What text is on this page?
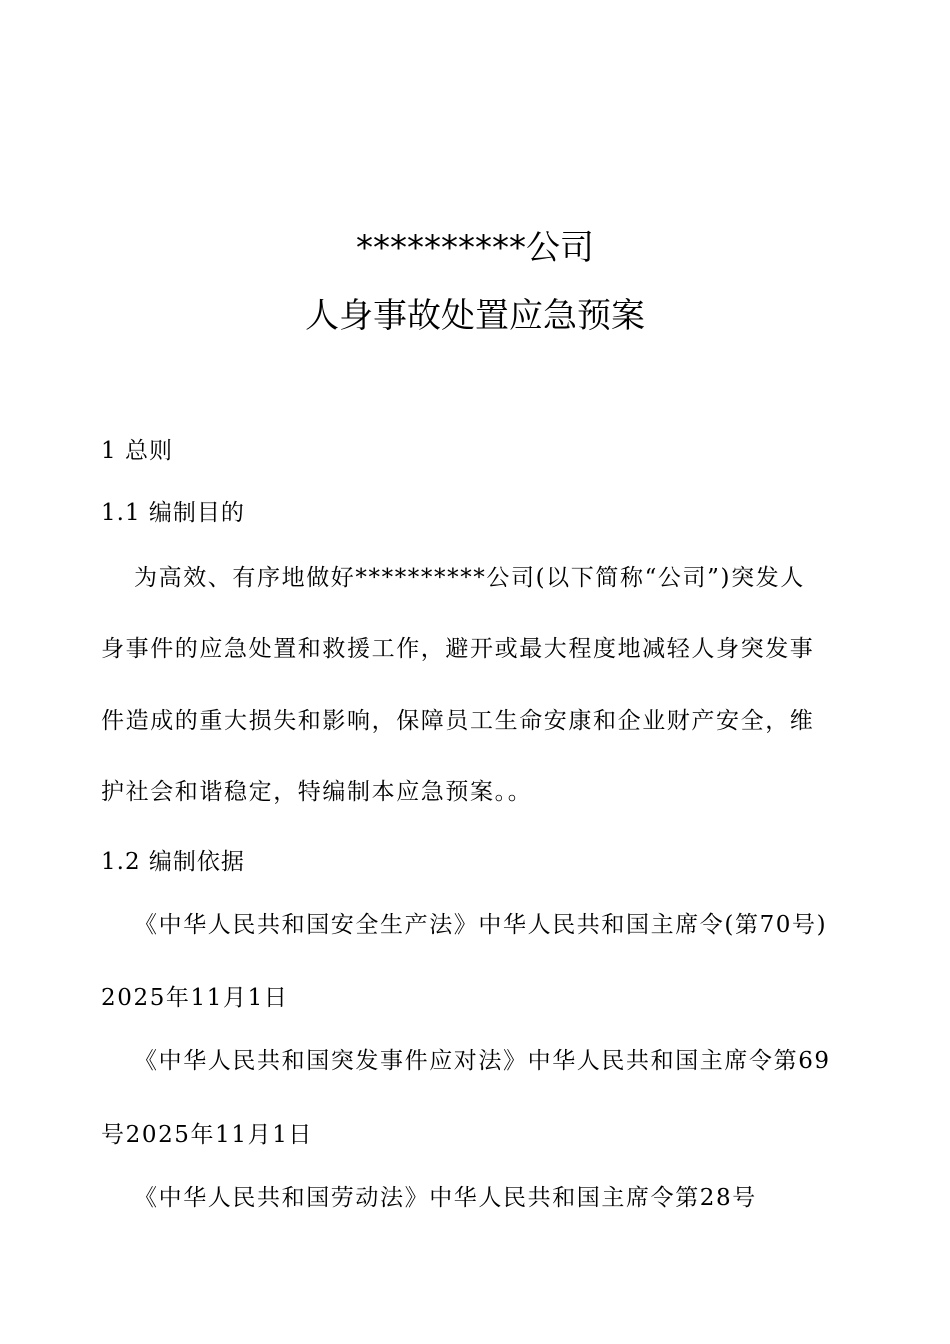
**********公司
人身事故处置应急预案
1 总则
1.1 编制目的
为高效、有序地做好**********公司(以下简称“公司”)突发人
身事件的应急处置和救援工作，避开或最大程度地减轻人身突发事
件造成的重大损失和影响，保障员工生命安康和企业财产安全，维
护社会和谐稳定，特编制本应急预案。。
1.2 编制依据
《中华人民共和国安全生产法》中华人民共和国主席令(第70号)
2025年11月1日
《中华人民共和国突发事件应对法》中华人民共和国主席令第69
号2025年11月1日
《中华人民共和国劳动法》中华人民共和国主席令第28号
